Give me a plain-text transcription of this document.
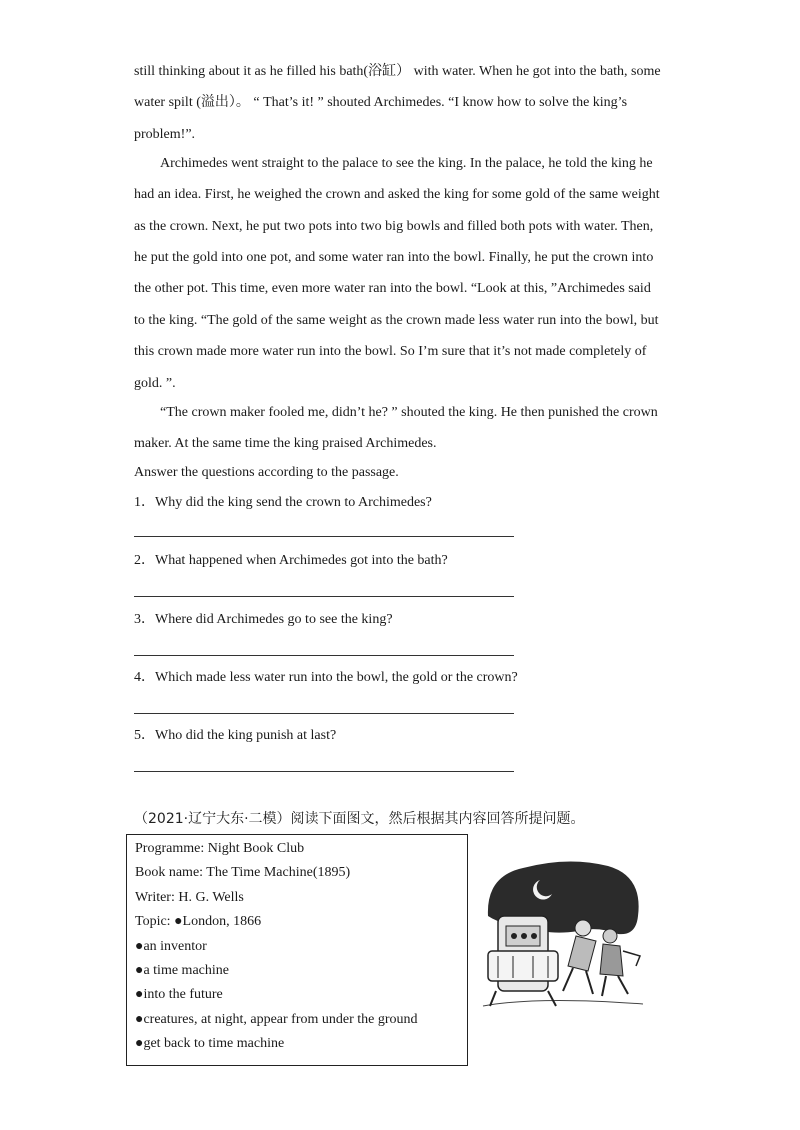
still thinking about it as he filled his bath(浴缸） with water. When he got into the bath, some
water spilt (溢出）。 “ That’s it! ” shouted Archimedes. “I know how to solve the king’s
problem!”.
Archimedes went straight to the palace to see the king. In the palace, he told the king he
had an idea. First, he weighed the crown and asked the king for some gold of the same weight
as the crown. Next, he put two pots into two big bowls and filled both pots with water. Then,
he put the gold into one pot, and some water ran into the bowl. Finally, he put the crown into
the other pot. This time, even more water ran into the bowl. “Look at this, ”Archimedes said
to the king. “The gold of the same weight as the crown made less water run into the bowl, but
this crown made more water run into the bowl. So I’m sure that it’s not made completely of
gold. ”.
“The crown maker fooled me, didn’t he? ” shouted the king. He then punished the crown
maker. At the same time the king praised Archimedes.
Answer the questions according to the passage.
1．Why did the king send the crown to Archimedes?
2．What happened when Archimedes got into the bath?
3．Where did Archimedes go to see the king?
4．Which made less water run into the bowl, the gold or the crown?
5．Who did the king punish at last?
（2021·辽宁大东·二模）阅读下面图文，然后根据其内容回答所提问题。
Programme: Night Book Club
Book name: The Time Machine(1895)
Writer: H. G. Wells
Topic: ●London, 1866
●an inventor
●a time machine
●into the future
●creatures, at night, appear from under the ground
●get back to time machine
